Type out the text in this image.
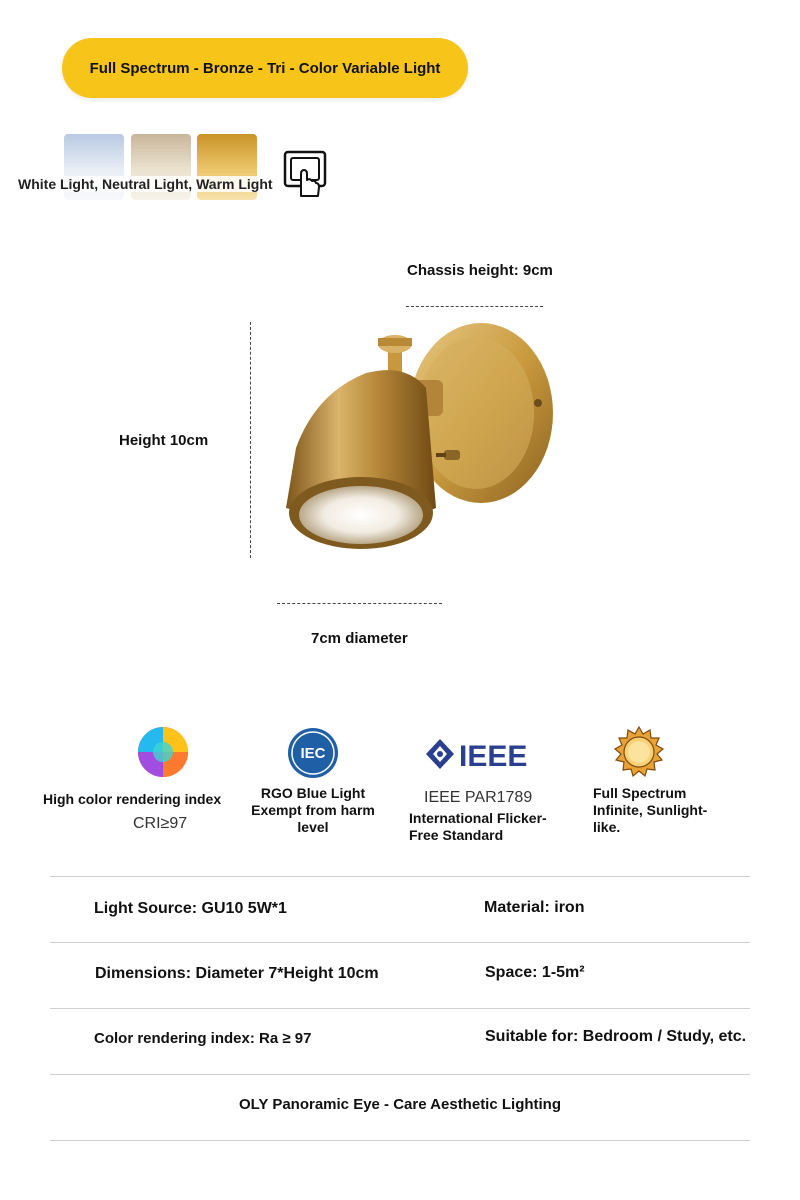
Full Spectrum - Bronze - Tri - Color Variable Light
White Light, Neutral Light, Warm Light
Chassis height: 9cm
Height 10cm
7cm diameter
High color rendering index
CRI≥97
IEC
RGO Blue Light
Exempt from harm
level
IEEE
IEEE PAR1789
International Flicker-
Free Standard
Full Spectrum
Infinite, Sunlight-
like.
Light Source: GU10 5W*1	Material: iron
Dimensions: Diameter 7*Height 10cm	Space: 1-5m²
Color rendering index: Ra ≥ 97	Suitable for: Bedroom / Study, etc.
OLY Panoramic Eye - Care Aesthetic Lighting
